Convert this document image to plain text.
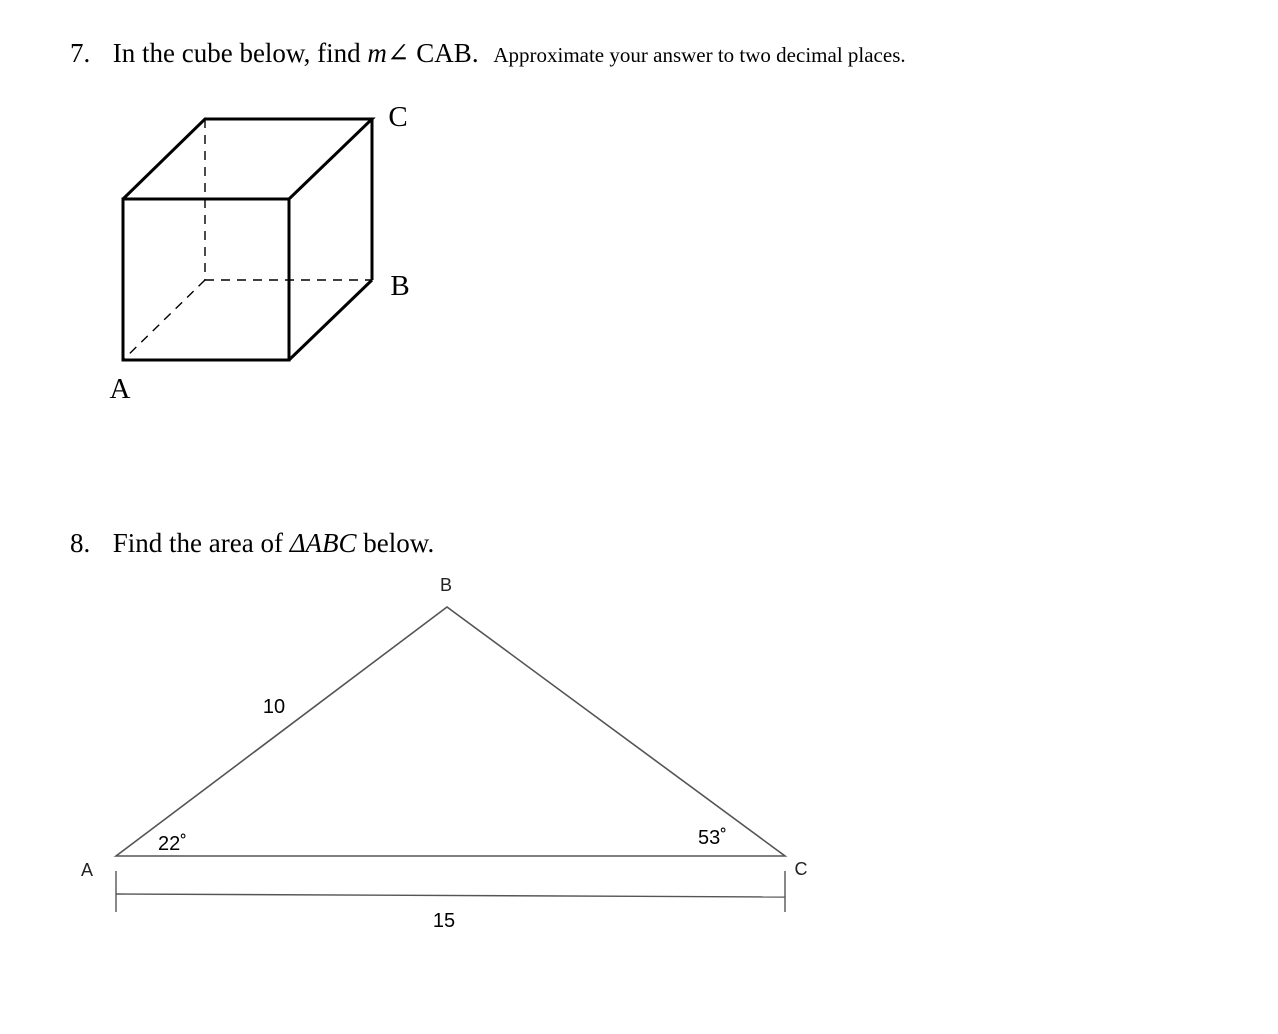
7. In the cube below, find m∠ CAB. Approximate your answer to two decimal places.
A
B
C
8. Find the area of ΔABC below.
B
A	C
10
15
22˚	53˚
